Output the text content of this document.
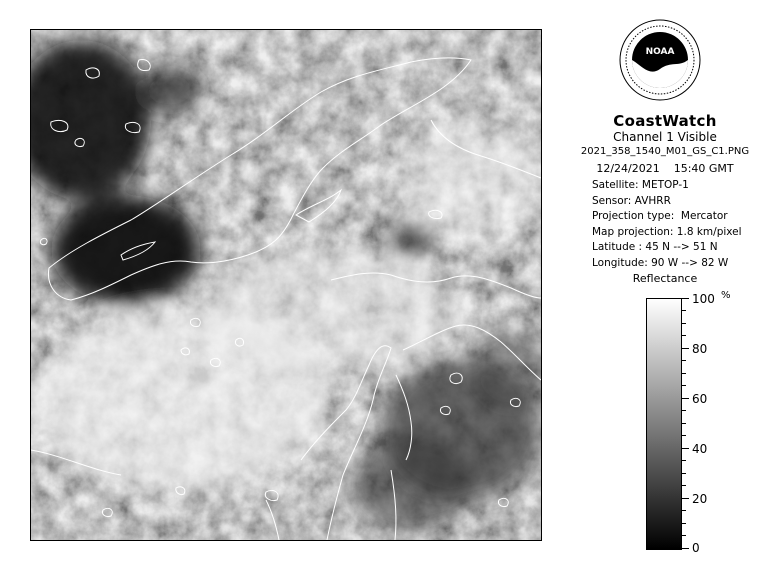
NOAA
CoastWatch
Channel 1 Visible
2021_358_1540_M01_GS_C1.PNG
12/24/2021    15:40 GMT
Satellite: METOP-1
Sensor: AVHRR
Projection type:  Mercator
Map projection: 1.8 km/pixel
Latitude : 45 N --> 51 N
Longitude: 90 W --> 82 W
Reflectance
%
100
80
60
40
20
0
